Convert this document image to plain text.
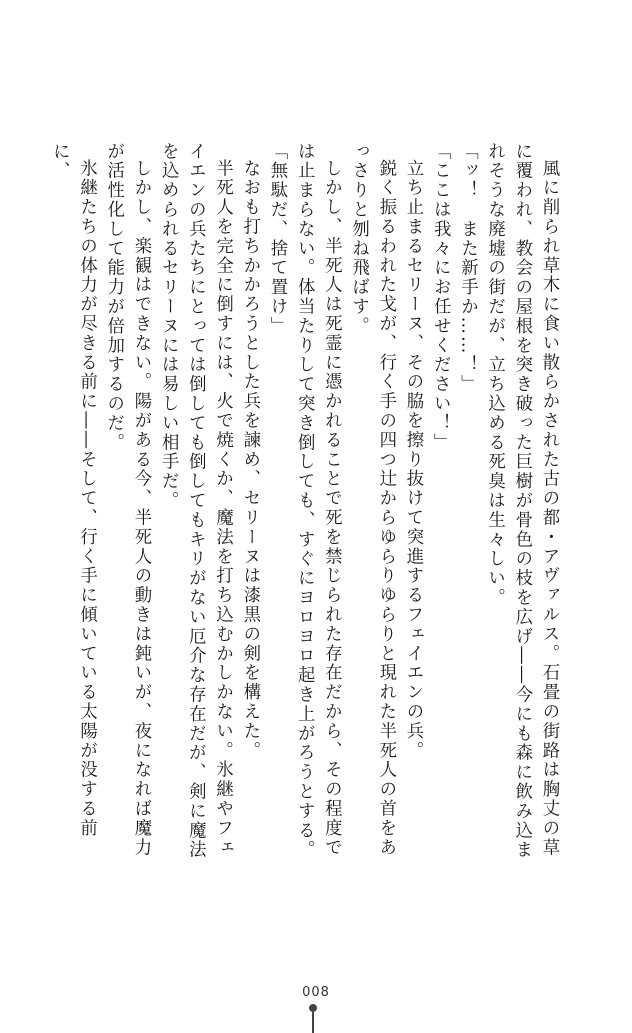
風に削られ草木に食い散らかされた古の都・アヴァルス。石畳の街路は胸丈の草に覆われ、教会の屋根を突き破った巨樹が骨色の枝を広げ――今にも森に飲み込まれそうな廃墟の街だが、立ち込める死臭は生々しい。

「ッ！　また新手か……！」

「ここは我々にお任せください！」

立ち止まるセリーヌ、その脇を擦り抜けて突進するフェイエンの兵。

鋭く振るわれた戈が、行く手の四つ辻からゆらりゆらりと現れた半死人の首をあっさりと刎ね飛ばす。

しかし、半死人は死霊に憑かれることで死を禁じられた存在だから、その程度では止まらない。体当たりして突き倒しても、すぐにヨロヨロ起き上がろうとする。

「無駄だ、捨て置け」

なおも打ちかかろうとした兵を諫め、セリーヌは漆黒の剣を構えた。

半死人を完全に倒すには、火で焼くか、魔法を打ち込むかしかない。氷継やフェイエンの兵たちにとっては倒しても倒してもキリがない厄介な存在だが、剣に魔法を込められるセリーヌには易しい相手だ。

しかし、楽観はできない。陽がある今、半死人の動きは鈍いが、夜になれば魔力が活性化して能力が倍加するのだ。

氷継たちの体力が尽きる前に――そして、行く手に傾いている太陽が没する前に、

008
